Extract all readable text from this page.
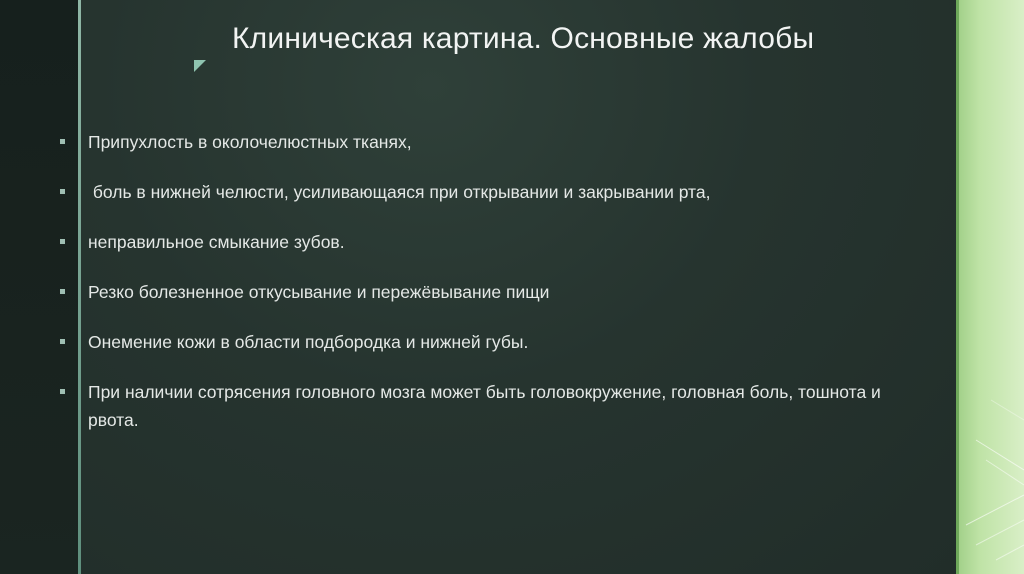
Клиническая картина. Основные жалобы
Припухлость в околочелюстных тканях,
боль в нижней челюсти, усиливающаяся при открывании и закрывании рта,
неправильное смыкание зубов.
Резко болезненное откусывание и пережёвывание пищи
Онемение кожи в области подбородка и нижней губы.
При наличии сотрясения головного мозга может быть головокружение, головная боль, тошнота и рвота.
